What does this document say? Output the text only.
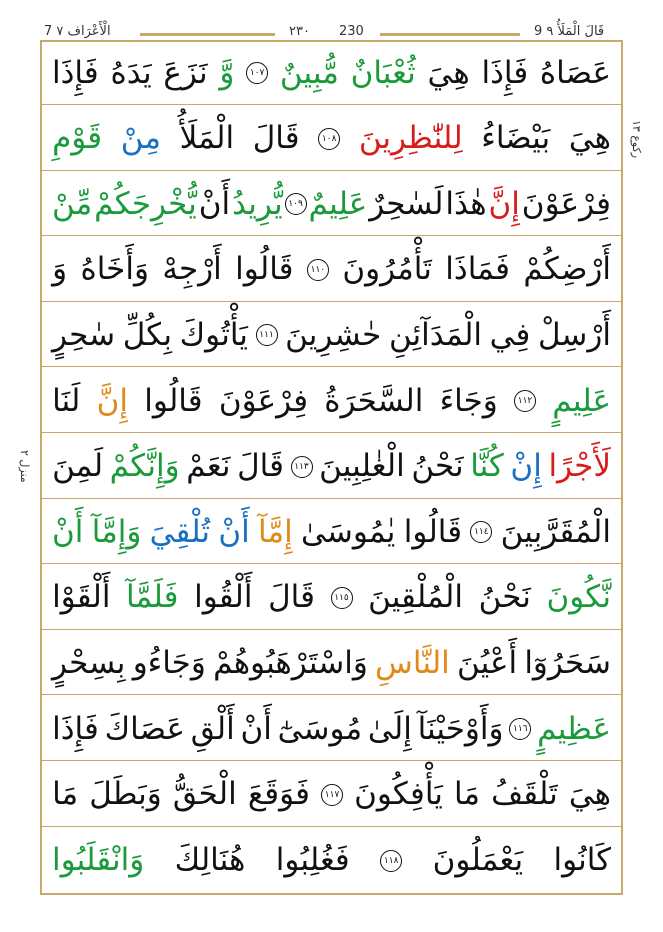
7 الْأَعْرَاف ٧	٢٣٠	230	9 قَالَ الْمَلَأُ ٩
عَصَاهُ
فَإِذَا
هِيَ
ثُعْبَانٌ
مُّبِينٌ
١٠٧
وَّ
نَزَعَ
يَدَهُ
فَإِذَا
هِيَ
بَيْضَاءُ
لِلنّٰظِرِينَ
١٠٨
قَالَ
الْمَلَأُ
مِنْ
قَوْمِ
فِرْعَوْنَ
إِنَّ
هٰذَا
لَسٰحِرٌ
عَلِيمٌ
١٠٩
يُّرِيدُ
أَنْ
يُّخْرِجَكُمْ
مِّنْ
أَرْضِكُمْ
فَمَاذَا
تَأْمُرُونَ
١١٠
قَالُوا
أَرْجِهْ
وَأَخَاهُ
وَ
أَرْسِلْ
فِي
الْمَدَآئِنِ
حٰشِرِينَ
١١١
يَأْتُوكَ
بِكُلِّ
سٰحِرٍ
عَلِيمٍ
١١٢
وَجَاءَ
السَّحَرَةُ
فِرْعَوْنَ
قَالُوا
إِنَّ
لَنَا
لَأَجْرًا
إِنْ
كُنَّا
نَحْنُ
الْغٰلِبِينَ
١١٣
قَالَ
نَعَمْ
وَإِنَّكُمْ
لَمِنَ
الْمُقَرَّبِينَ
١١٤
قَالُوا
يٰمُوسَىٰ
إِمَّآ
أَنْ
تُلْقِيَ
وَإِمَّآ
أَنْ
نَّكُونَ
نَحْنُ
الْمُلْقِينَ
١١٥
قَالَ
أَلْقُوا
فَلَمَّآ
أَلْقَوْا
سَحَرُوٓا
أَعْيُنَ
النَّاسِ
وَاسْتَرْهَبُوهُمْ
وَجَاءُو
بِسِحْرٍ
عَظِيمٍ
١١٦
وَأَوْحَيْنَآ
إِلَىٰ
مُوسَىٰٓ
أَنْ
أَلْقِ
عَصَاكَ
فَإِذَا
هِيَ
تَلْقَفُ
مَا
يَأْفِكُونَ
١١٧
فَوَقَعَ
الْحَقُّ
وَبَطَلَ
مَا
كَانُوا
يَعْمَلُونَ
١١٨
فَغُلِبُوا
هُنَالِكَ
وَانْقَلَبُوا
رکوع ۱۳
منزل ۲
